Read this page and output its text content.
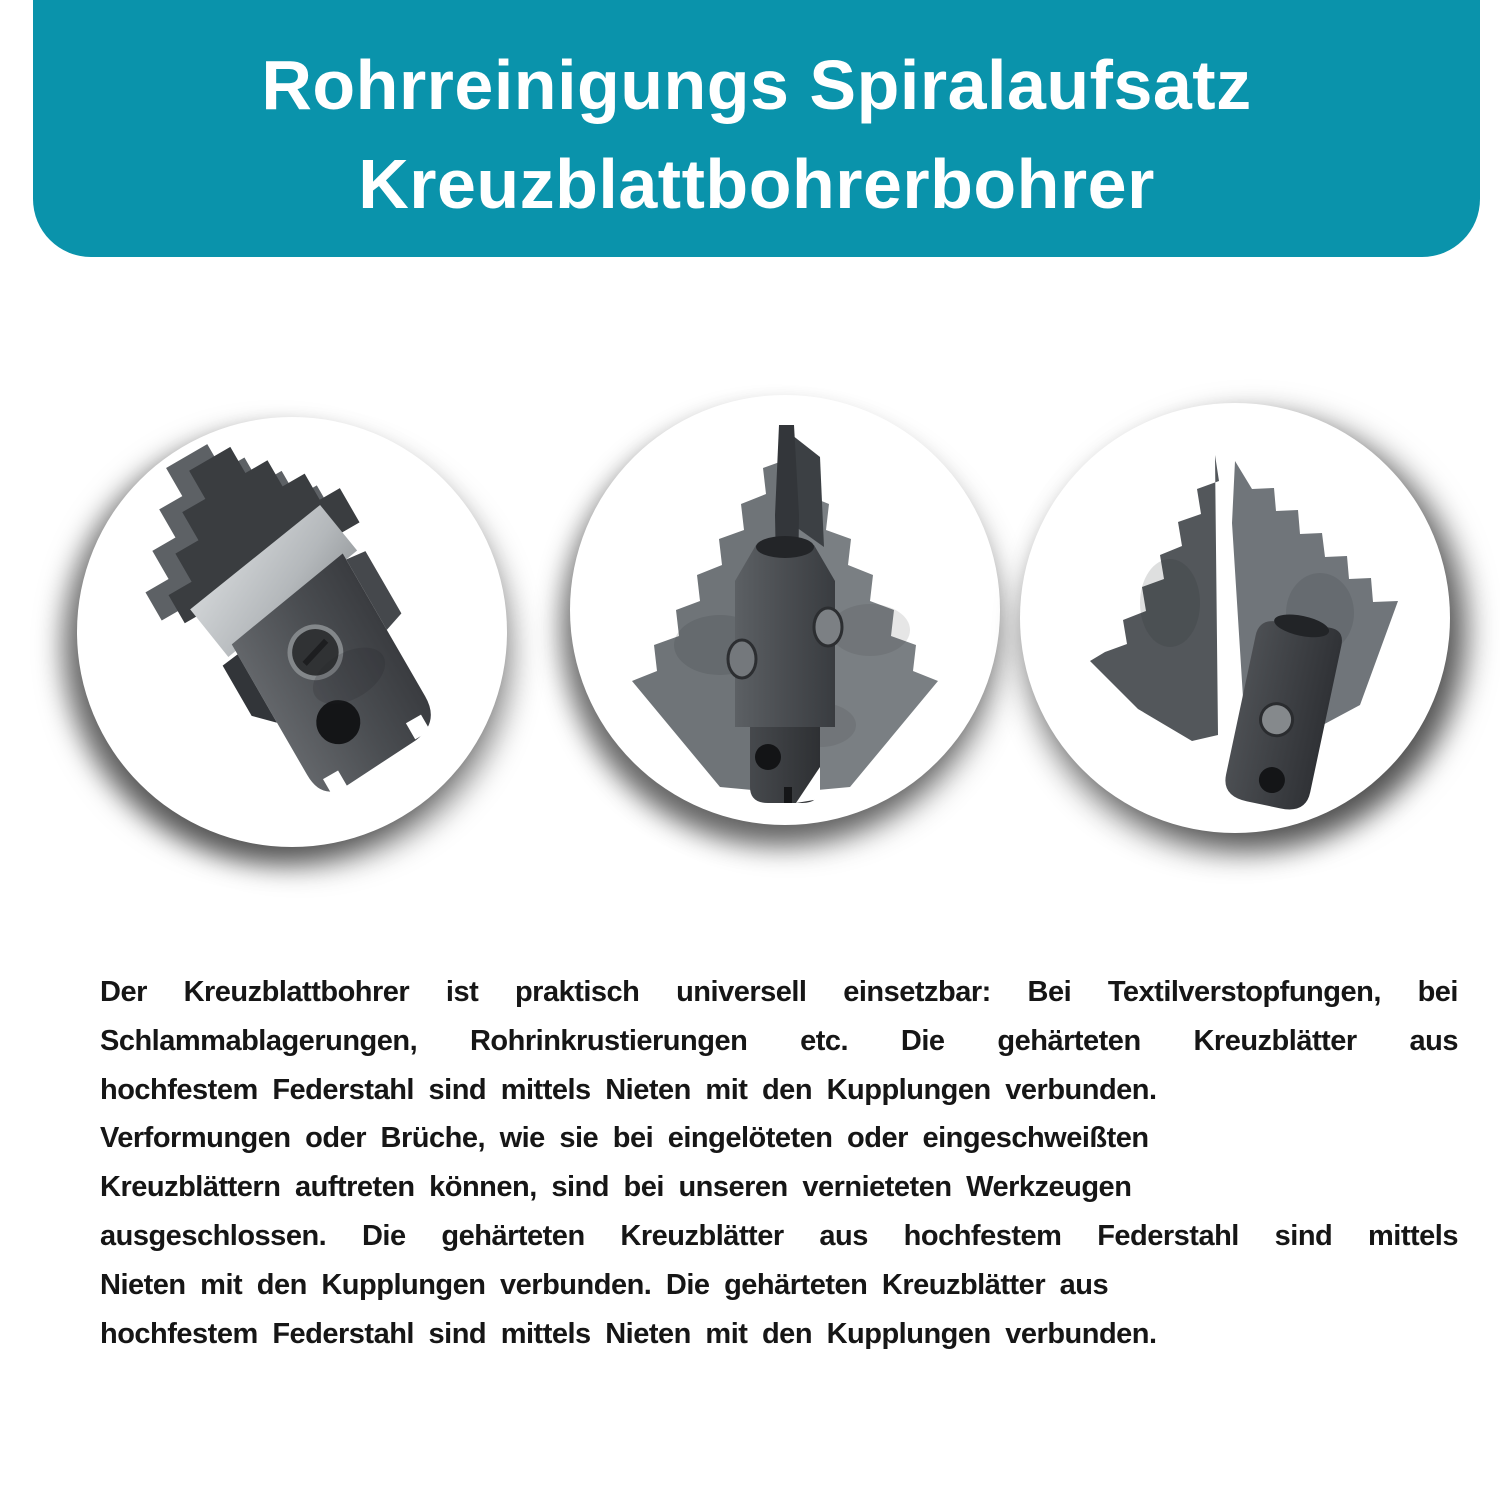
Rohrreinigungs Spiralaufsatz
Kreuzblattbohrerbohrer
Der Kreuzblattbohrer ist praktisch universell einsetzbar: Bei Textilverstopfungen, bei
Schlammablagerungen, Rohrinkrustierungen etc. Die gehärteten Kreuzblätter aus
hochfestem Federstahl sind mittels Nieten mit den Kupplungen verbunden.
Verformungen oder Brüche, wie sie bei eingelöteten oder eingeschweißten
Kreuzblättern auftreten können, sind bei unseren vernieteten Werkzeugen
ausgeschlossen. Die gehärteten Kreuzblätter aus hochfestem Federstahl sind mittels
Nieten mit den Kupplungen verbunden. Die gehärteten Kreuzblätter aus
hochfestem Federstahl sind mittels Nieten mit den Kupplungen verbunden.
